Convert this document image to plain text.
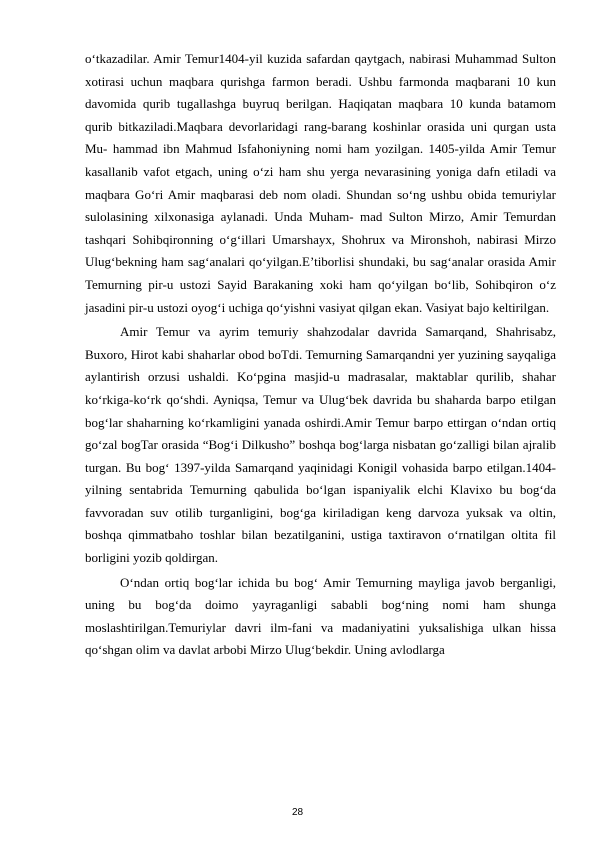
o‘tkazadilar. Amir Temur1404-yil kuzida safardan qaytgach, nabirasi Muhammad Sulton xotirasi uchun maqbara qurishga farmon beradi. Ushbu farmonda maqbarani 10 kun davomida qurib tugallashga buyruq berilgan. Haqiqatan maqbara 10 kunda batamom qurib bitkaziladi.Maqbara devorlaridagi rang-barang koshinlar orasida uni qurgan usta Mu- hammad ibn Mahmud Isfahoniyning nomi ham yozilgan. 1405-yilda Amir Temur kasallanib vafot etgach, uning o‘zi ham shu yerga nevarasining yoniga dafn etiladi va maqbara Go‘ri Amir maqbarasi deb nom oladi. Shundan so‘ng ushbu obida temuriylar sulolasining xilxonasiga aylanadi. Unda Muham- mad Sulton Mirzo, Amir Temurdan tashqari Sohibqironning o‘g‘illari Umarshayx, Shohrux va Mironshoh, nabirasi Mirzo Ulug‘bekning ham sag‘analari qo‘yilgan.E’tiborlisi shundaki, bu sag‘analar orasida Amir Temurning pir-u ustozi Sayid Barakaning xoki ham qo‘yilgan bo‘lib, Sohibqiron o‘z jasadini pir-u ustozi oyog‘i uchiga qo‘yishni vasiyat qilgan ekan. Vasiyat bajo keltirilgan.

Amir Temur va ayrim temuriy shahzodalar davrida Samarqand, Shahrisabz, Buxoro, Hirot kabi shaharlar obod boTdi. Temurning Samarqandni yer yuzining sayqaliga aylantirish orzusi ushaldi. Ko‘pgina masjid-u madrasalar, maktablar qurilib, shahar ko‘rkiga-ko‘rk qo‘shdi. Ayniqsa, Temur va Ulug‘bek davrida bu shaharda barpo etilgan bog‘lar shaharning ko‘rkamligini yanada oshirdi.Amir Temur barpo ettirgan o‘ndan ortiq go‘zal bogTar orasida “Bog‘i Dilkusho” boshqa bog‘larga nisbatan go‘zalligi bilan ajralib turgan. Bu bog‘ 1397-yilda Samarqand yaqinidagi Konigil vohasida barpo etilgan.1404-yilning sentabrida Temurning qabulida bo‘lgan ispaniyalik elchi Klavixo bu bog‘da favvoradan suv otilib turganligini, bog‘ga kiriladigan keng darvoza yuksak va oltin, boshqa qimmatbaho toshlar bilan bezatilganini, ustiga taxtiravon o‘rnatilgan oltita fil borligini yozib qoldirgan.

O‘ndan ortiq bog‘lar ichida bu bog‘ Amir Temurning mayliga javob berganligi, uning bu bog‘da doimo yayraganligi sababli bog‘ning nomi ham shunga moslashtirilgan.Temuriylar davri ilm-fani va madaniyatini yuksalishiga ulkan hissa qo‘shgan olim va davlat arbobi Mirzo Ulug‘bekdir. Uning avlodlarga

28
